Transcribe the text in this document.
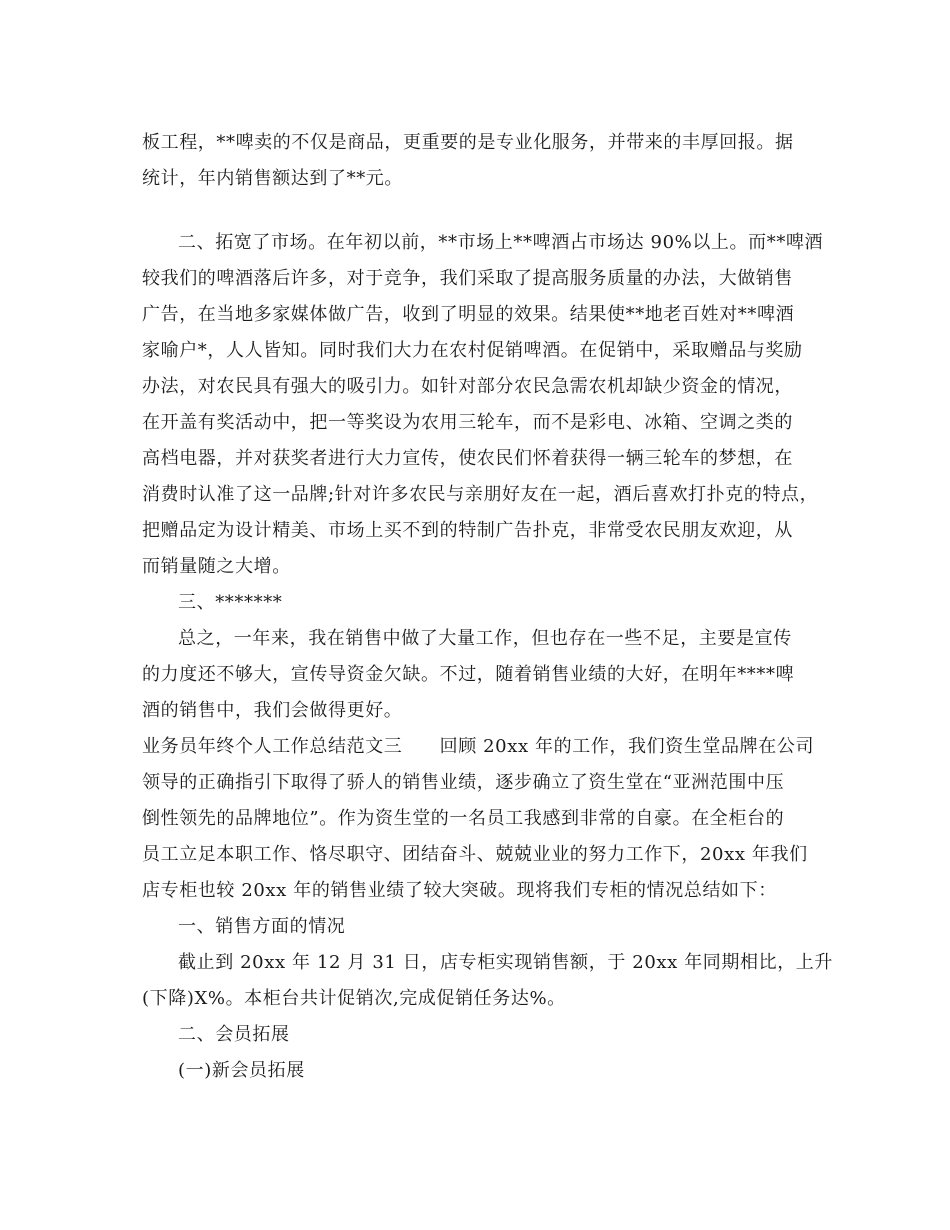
板工程，**啤卖的不仅是商品，更重要的是专业化服务，并带来的丰厚回报。据

统计，年内销售额达到了**元。

二、拓宽了市场。在年初以前，**市场上**啤酒占市场达 90%以上。而**啤酒

较我们的啤酒落后许多，对于竞争，我们采取了提高服务质量的办法，大做销售

广告，在当地多家媒体做广告，收到了明显的效果。结果使**地老百姓对**啤酒

家喻户*，人人皆知。同时我们大力在农村促销啤酒。在促销中，采取赠品与奖励

办法，对农民具有强大的吸引力。如针对部分农民急需农机却缺少资金的情况，

在开盖有奖活动中，把一等奖设为农用三轮车，而不是彩电、冰箱、空调之类的

高档电器，并对获奖者进行大力宣传，使农民们怀着获得一辆三轮车的梦想，在

消费时认准了这一品牌;针对许多农民与亲朋好友在一起，酒后喜欢打扑克的特点，

把赠品定为设计精美、市场上买不到的特制广告扑克，非常受农民朋友欢迎，从

而销量随之大增。

三、*******

总之，一年来，我在销售中做了大量工作，但也存在一些不足，主要是宣传

的力度还不够大，宣传导资金欠缺。不过，随着销售业绩的大好，在明年****啤

酒的销售中，我们会做得更好。

业务员年终个人工作总结范文三　　回顾 20xx 年的工作，我们资生堂品牌在公司

领导的正确指引下取得了骄人的销售业绩，逐步确立了资生堂在“亚洲范围中压

倒性领先的品牌地位”。作为资生堂的一名员工我感到非常的自豪。在全柜台的

员工立足本职工作、恪尽职守、团结奋斗、兢兢业业的努力工作下，20xx 年我们

店专柜也较 20xx 年的销售业绩了较大突破。现将我们专柜的情况总结如下：

一、销售方面的情况

截止到 20xx 年 12 月 31 日，店专柜实现销售额，于 20xx 年同期相比，上升

(下降)X%。本柜台共计促销次,完成促销任务达%。

二、会员拓展

(一)新会员拓展
